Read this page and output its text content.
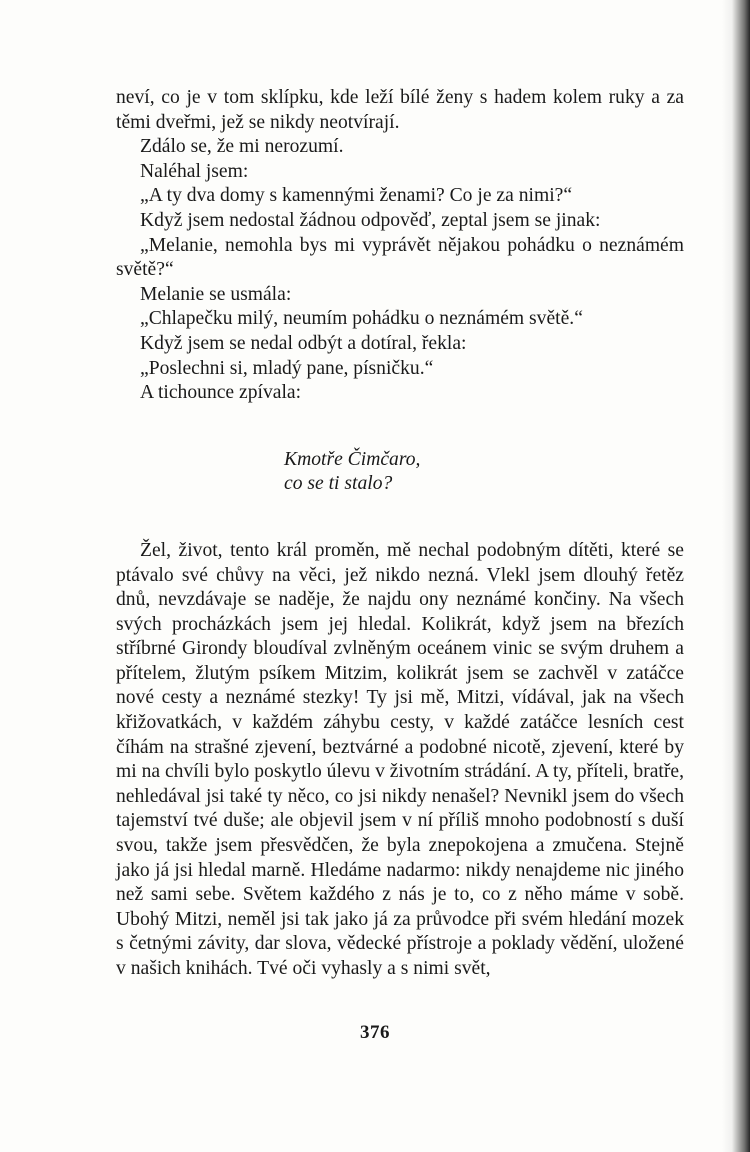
neví, co je v tom sklípku, kde leží bílé ženy s hadem kolem ruky a za těmi dveřmi, jež se nikdy neotvírají.

Zdálo se, že mi nerozumí.

Naléhal jsem:

„A ty dva domy s kamennými ženami? Co je za nimi?“

Když jsem nedostal žádnou odpověď, zeptal jsem se jinak:

„Melanie, nemohla bys mi vyprávět nějakou pohádku o neznámém světě?“

Melanie se usmála:

„Chlapečku milý, neumím pohádku o neznámém světě.“

Když jsem se nedal odbýt a dotíral, řekla:

„Poslechni si, mladý pane, písničku.“

A tichounce zpívala:

Kmotře Čimčaro,
co se ti stalo?

Žel, život, tento král proměn, mě nechal podobným dítěti, které se ptávalo své chůvy na věci, jež nikdo nezná. Vlekl jsem dlouhý řetěz dnů, nevzdávaje se naděje, že najdu ony neznámé končiny. Na všech svých procházkách jsem jej hledal. Kolikrát, když jsem na březích stříbrné Girondy bloudíval zvlněným oceánem vinic se svým druhem a přítelem, žlutým psíkem Mitzim, kolikrát jsem se zachvěl v zatáčce nové cesty a neznámé stezky! Ty jsi mě, Mitzi, vídával, jak na všech křižovatkách, v každém záhybu cesty, v každé zatáčce lesních cest číhám na strašné zjevení, beztvárné a podobné nicotě, zjevení, které by mi na chvíli bylo poskytlo úlevu v životním strádání. A ty, příteli, bratře, nehledával jsi také ty něco, co jsi nikdy nenašel? Nevnikl jsem do všech tajemství tvé duše; ale objevil jsem v ní příliš mnoho podobností s duší svou, takže jsem přesvědčen, že byla znepokojena a zmučena. Stejně jako já jsi hledal marně. Hledáme nadarmo: nikdy nenajdeme nic jiného než sami sebe. Světem každého z nás je to, co z něho máme v sobě. Ubohý Mitzi, neměl jsi tak jako já za průvodce při svém hledání mozek s četnými závity, dar slova, vědecké přístroje a poklady vědění, uložené v našich knihách. Tvé oči vyhasly a s nimi svět,

376
